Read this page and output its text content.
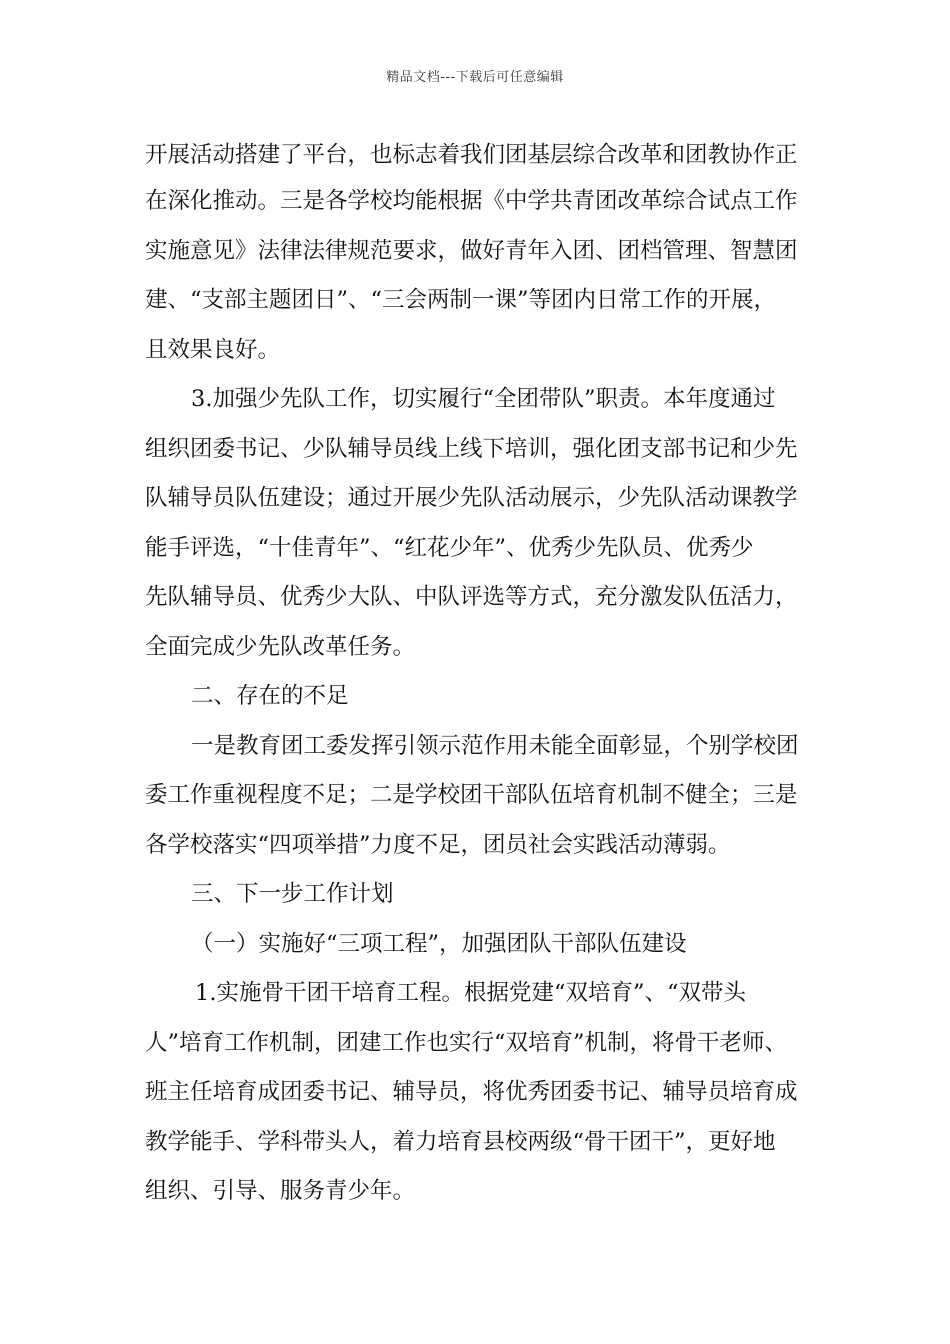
精品文档---下载后可任意编辑
开展活动搭建了平台，也标志着我们团基层综合改革和团教协作正
在深化推动。三是各学校均能根据《中学共青团改革综合试点工作
实施意见》法律法律规范要求，做好青年入团、团档管理、智慧团
建、“支部主题团日”、“三会两制一课”等团内日常工作的开展，
且效果良好。
3.加强少先队工作，切实履行“全团带队”职责。本年度通过
组织团委书记、少队辅导员线上线下培训，强化团支部书记和少先
队辅导员队伍建设；通过开展少先队活动展示，少先队活动课教学
能手评选，“十佳青年”、“红花少年”、优秀少先队员、优秀少
先队辅导员、优秀少大队、中队评选等方式，充分激发队伍活力，
全面完成少先队改革任务。
二、存在的不足
一是教育团工委发挥引领示范作用未能全面彰显，个别学校团
委工作重视程度不足；二是学校团干部队伍培育机制不健全；三是
各学校落实“四项举措”力度不足，团员社会实践活动薄弱。
三、下一步工作计划
（一）实施好“三项工程”，加强团队干部队伍建设
1.实施骨干团干培育工程。根据党建“双培育”、“双带头
人”培育工作机制，团建工作也实行“双培育”机制，将骨干老师、
班主任培育成团委书记、辅导员，将优秀团委书记、辅导员培育成
教学能手、学科带头人，着力培育县校两级“骨干团干”，更好地
组织、引导、服务青少年。
